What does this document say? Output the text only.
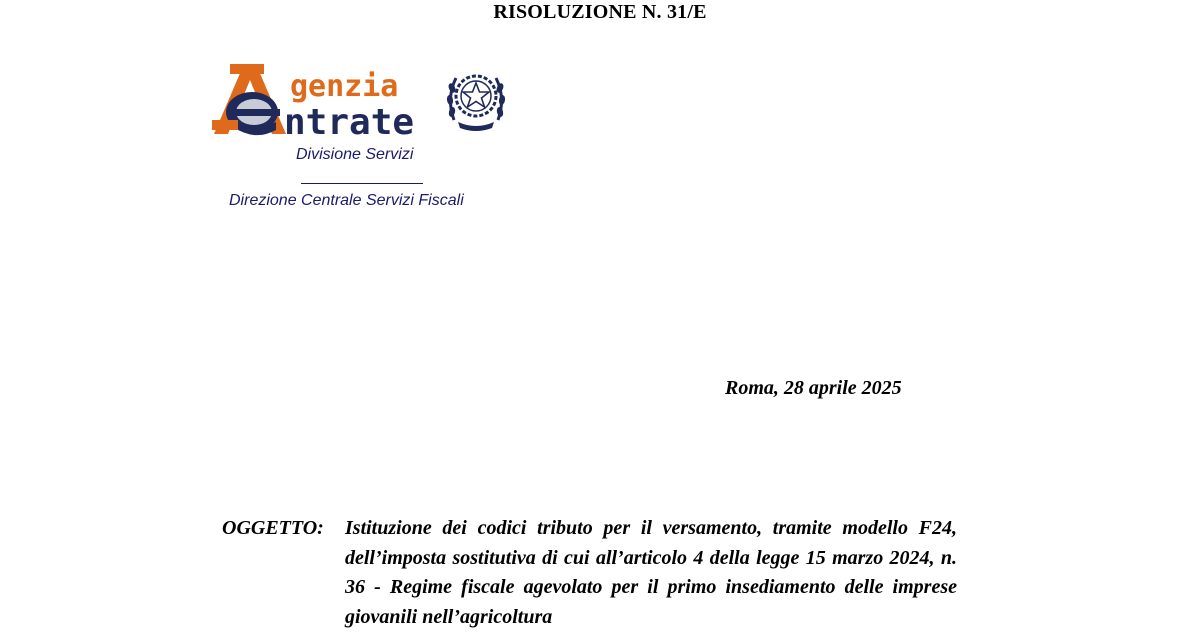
RISOLUZIONE N. 31/E
genzia
ntrate
Divisione Servizi
Direzione Centrale Servizi Fiscali
Roma, 28 aprile 2025
OGGETTO: Istituzione dei codici tributo per il versamento, tramite modello F24, dell’imposta sostitutiva di cui all’articolo 4 della legge 15 marzo 2024, n. 36 - Regime fiscale agevolato per il primo insediamento delle imprese giovanili nell’agricoltura
